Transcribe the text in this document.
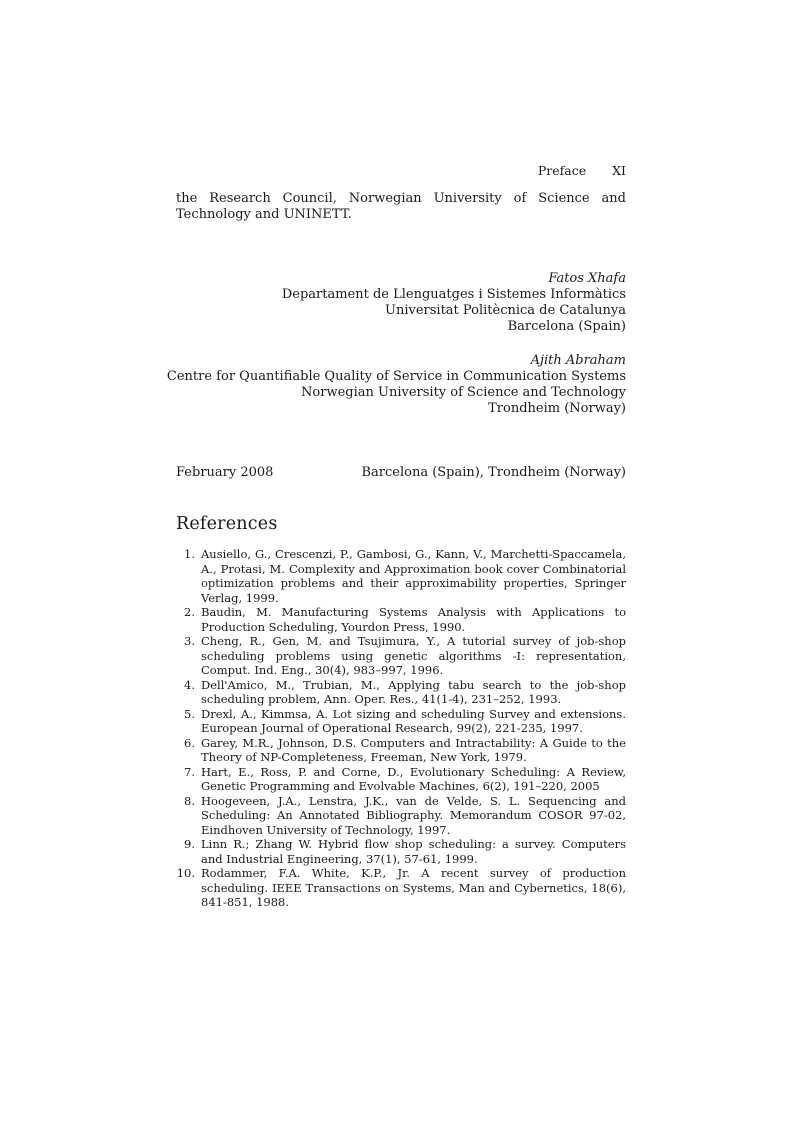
Preface XI

the Research Council, Norwegian University of Science and Technology and UNINETT.

Fatos Xhafa
Departament de Llenguatges i Sistemes Informàtics
Universitat Politècnica de Catalunya
Barcelona (Spain)
Ajith Abraham
Centre for Quantifiable Quality of Service in Communication Systems
Norwegian University of Science and Technology
Trondheim (Norway)
February 2008	Barcelona (Spain), Trondheim (Norway)
References
1. Ausiello, G., Crescenzi, P., Gambosi, G., Kann, V., Marchetti-Spaccamela, A., Protasi, M. Complexity and Approximation book cover Combinatorial optimization problems and their approximability properties, Springer Verlag, 1999.
2. Baudin, M. Manufacturing Systems Analysis with Applications to Production Scheduling, Yourdon Press, 1990.
3. Cheng, R., Gen, M. and Tsujimura, Y., A tutorial survey of job-shop scheduling problems using genetic algorithms -I: representation, Comput. Ind. Eng., 30(4), 983–997, 1996.
4. Dell'Amico, M., Trubian, M., Applying tabu search to the job-shop scheduling problem, Ann. Oper. Res., 41(1-4), 231–252, 1993.
5. Drexl, A., Kimmsa, A. Lot sizing and scheduling Survey and extensions. European Journal of Operational Research, 99(2), 221-235, 1997.
6. Garey, M.R., Johnson, D.S. Computers and Intractability: A Guide to the Theory of NP-Completeness, Freeman, New York, 1979.
7. Hart, E., Ross, P. and Corne, D., Evolutionary Scheduling: A Review, Genetic Programming and Evolvable Machines, 6(2), 191–220, 2005
8. Hoogeveen, J.A., Lenstra, J.K., van de Velde, S. L. Sequencing and Scheduling: An Annotated Bibliography. Memorandum COSOR 97-02, Eindhoven University of Technology, 1997.
9. Linn R.; Zhang W. Hybrid flow shop scheduling: a survey. Computers and Industrial Engineering, 37(1), 57-61, 1999.
10. Rodammer, F.A. White, K.P., Jr. A recent survey of production scheduling. IEEE Transactions on Systems, Man and Cybernetics, 18(6), 841-851, 1988.
